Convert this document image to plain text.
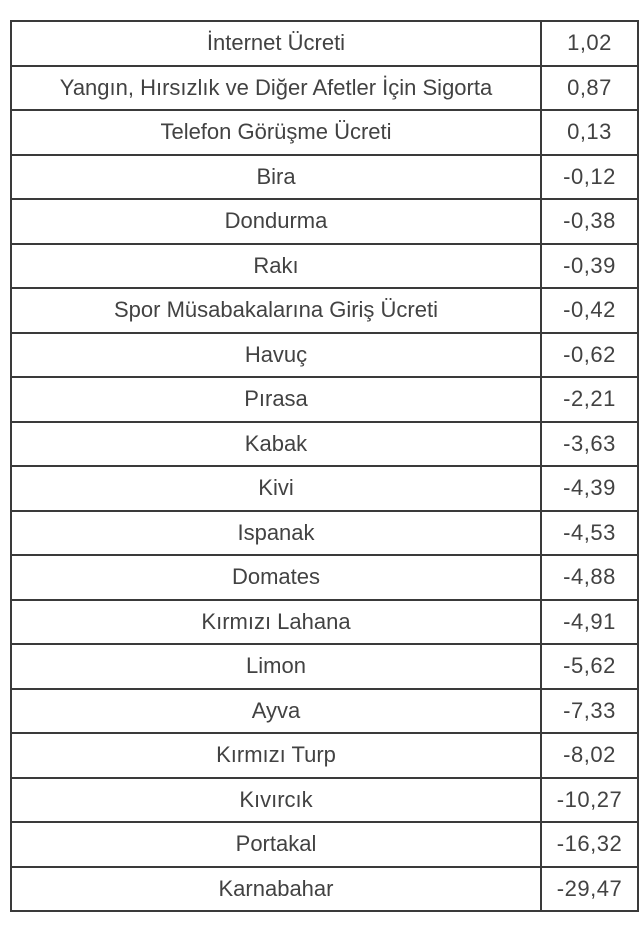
İnternet Ücreti	1,02
Yangın, Hırsızlık ve Diğer Afetler İçin Sigorta	0,87
Telefon Görüşme Ücreti	0,13
Bira	-0,12
Dondurma	-0,38
Rakı	-0,39
Spor Müsabakalarına Giriş Ücreti	-0,42
Havuç	-0,62
Pırasa	-2,21
Kabak	-3,63
Kivi	-4,39
Ispanak	-4,53
Domates	-4,88
Kırmızı Lahana	-4,91
Limon	-5,62
Ayva	-7,33
Kırmızı Turp	-8,02
Kıvırcık	-10,27
Portakal	-16,32
Karnabahar	-29,47
